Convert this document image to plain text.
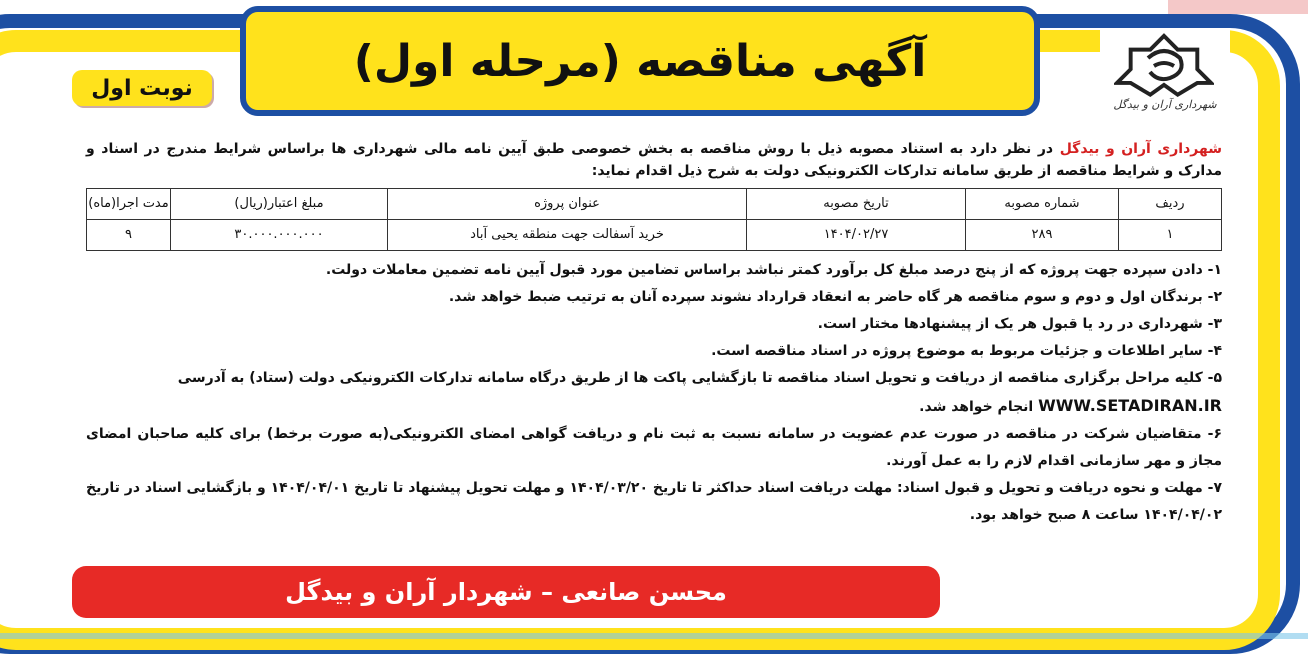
آگهی مناقصه (مرحله اول)
نوبت اول
شهرداری آران و بیدگل

شهرداری آران و بیدگل در نظر دارد به استناد مصوبه ذیل با روش مناقصه به بخش خصوصی طبق آیین نامه مالی شهرداری ها براساس شرایط مندرج در اسناد و مدارک و شرایط مناقصه از طریق سامانه تدارکات الکترونیکی دولت به شرح ذیل اقدام نماید:

ردیف	شماره مصوبه	تاریخ مصوبه	عنوان پروژه	مبلغ اعتبار(ریال)	مدت اجرا(ماه)
۱	۲۸۹	۱۴۰۴/۰۲/۲۷	خرید آسفالت جهت منطقه یحیی آباد	۳۰.۰۰۰.۰۰۰.۰۰۰	۹

۱- دادن سپرده جهت پروژه که از پنج درصد مبلغ کل برآورد کمتر نباشد براساس تضامین مورد قبول آیین نامه تضمین معاملات دولت.

۲- برندگان اول و دوم و سوم مناقصه هر گاه حاضر به انعقاد قرارداد نشوند سپرده آنان به ترتیب ضبط خواهد شد.

۳- شهرداری در رد یا قبول هر یک از پیشنهادها مختار است.

۴- سایر اطلاعات و جزئیات مربوط به موضوع پروژه در اسناد مناقصه است.

۵- کلیه مراحل برگزاری مناقصه از دریافت و تحویل اسناد مناقصه تا بازگشایی پاکت ها از طریق درگاه سامانه تدارکات الکترونیکی دولت (ستاد) به آدرسی

WWW.SETADIRAN.IR انجام خواهد شد.

۶- متقاضیان شرکت در مناقصه در صورت عدم عضویت در سامانه نسبت به ثبت نام و دریافت گواهی امضای الکترونیکی(به صورت برخط) برای کلیه صاحبان امضای مجاز و مهر سازمانی اقدام لازم را به عمل آورند.

۷- مهلت و نحوه دریافت و تحویل و قبول اسناد: مهلت دریافت اسناد حداکثر تا تاریخ ۱۴۰۴/۰۳/۲۰ و مهلت تحویل پیشنهاد تا تاریخ ۱۴۰۴/۰۴/۰۱ و بازگشایی اسناد در تاریخ ۱۴۰۴/۰۴/۰۲ ساعت ۸ صبح خواهد بود.

محسن صانعی – شهردار آران و بیدگل
